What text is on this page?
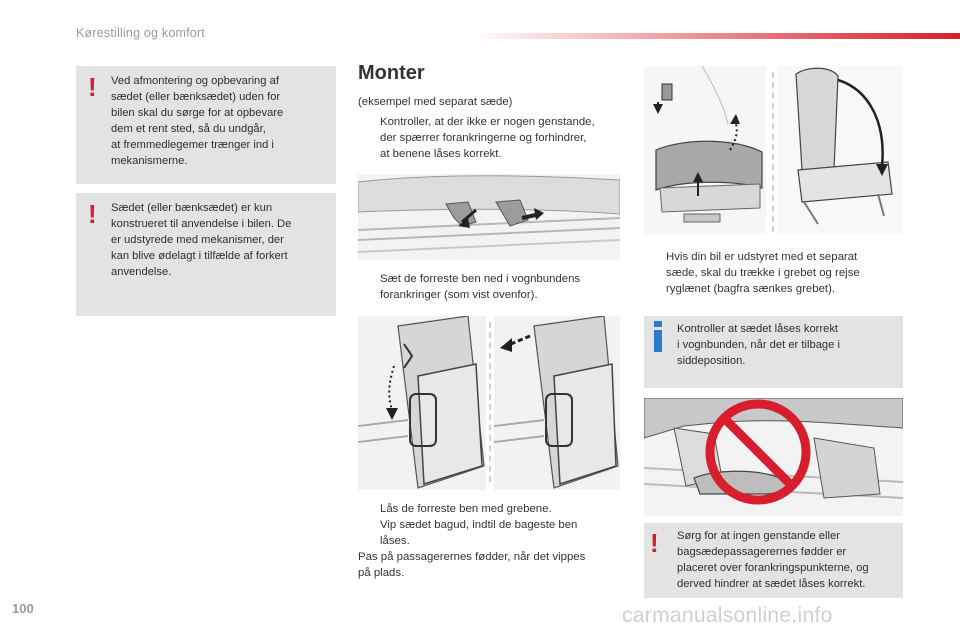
Kørestilling og komfort
! Ved afmontering og opbevaring af
sædet (eller bænksædet) uden for
bilen skal du sørge for at opbevare
dem et rent sted, så du undgår,
at fremmedlegemer trænger ind i
mekanismerne.

! Sædet (eller bænksædet) er kun
konstrueret til anvendelse i bilen. De
er udstyrede med mekanismer, der
kan blive ødelagt i tilfælde af forkert
anvendelse.

Monter
(eksempel med separat sæde)
Kontroller, at der ikke er nogen genstande,
der spærrer forankringerne og forhindrer,
at benene låses korrekt.
Sæt de forreste ben ned i vognbundens
forankringer (som vist ovenfor).
Lås de forreste ben med grebene.
Vip sædet bagud, indtil de bageste ben
låses.
Pas på passagerernes fødder, når det vippes
på plads.
Hvis din bil er udstyret med et separat
sæde, skal du trække i grebet og rejse
ryglænet (bagfra sænkes grebet).

Kontroller at sædet låses korrekt
i vognbunden, når det er tilbage i
siddeposition.

! Sørg for at ingen genstande eller
bagsædepassagerernes fødder er
placeret over forankringspunkterne, og
derved hindrer at sædet låses korrekt.

100	carmanualsonline.info
